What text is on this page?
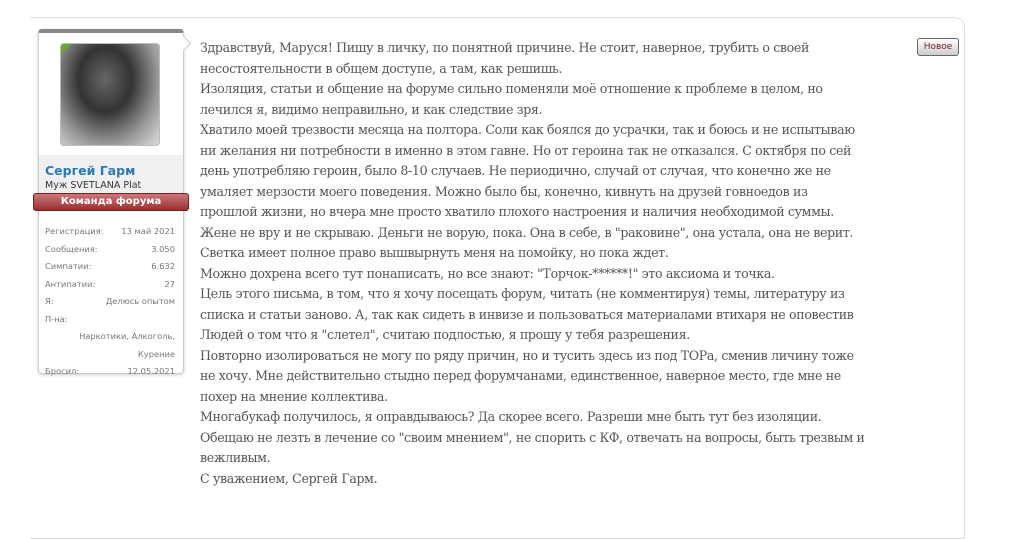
Сергей Гарм
Муж SVETLANA Plat
Команда форума
Регистрация: 13 май 2021
Сообщения:	3.050
Симпатии:	6.632
Антипатии:	27
Я:	Делюсь опытом
П-на:
Наркотики, Алкоголь,
Курение
Бросил:	12.05.2021
Здравствуй, Маруся! Пишу в личку, по понятной причине. Не стоит, наверное, трубить о своей
несостоятельности в общем доступе, а там, как решишь.
Изоляция, статьи и общение на форуме сильно поменяли моё отношение к проблеме в целом, но
лечился я, видимо неправильно, и как следствие зря.
Хватило моей трезвости месяца на полтора. Соли как боялся до усрачки, так и боюсь и не испытываю
ни желания ни потребности в именно в этом гавне. Но от героина так не отказался. С октября по сей
день употребляю героин, было 8-10 случаев. Не периодично, случай от случая, что конечно же не
умаляет мерзости моего поведения. Можно было бы, конечно, кивнуть на друзей говноедов из
прошлой жизни, но вчера мне просто хватило плохого настроения и наличия необходимой суммы.
Жене не вру и не скрываю. Деньги не ворую, пока. Она в себе, в "раковине", она устала, она не верит.
Светка имеет полное право вышвырнуть меня на помойку, но пока ждет.
Можно дохрена всего тут понаписать, но все знают: "Торчок-******!" это аксиома и точка.
Цель этого письма, в том, что я хочу посещать форум, читать (не комментируя) темы, литературу из
списка и статьи заново. А, так как сидеть в инвизе и пользоваться материалами втихаря не оповестив
Людей о том что я "слетел", считаю подлостью, я прошу у тебя разрешения.
Повторно изолироваться не могу по ряду причин, но и тусить здесь из под ТОРа, сменив личину тоже
не хочу. Мне действительно стыдно перед форумчанами, единственное, наверное место, где мне не
похер на мнение коллектива.
Многабукаф получилось, я оправдываюсь? Да скорее всего. Разреши мне быть тут без изоляции.
Обещаю не лезть в лечение со "своим мнением", не спорить с КФ, отвечать на вопросы, быть трезвым и
вежливым.
С уважением, Сергей Гарм.
Новое
